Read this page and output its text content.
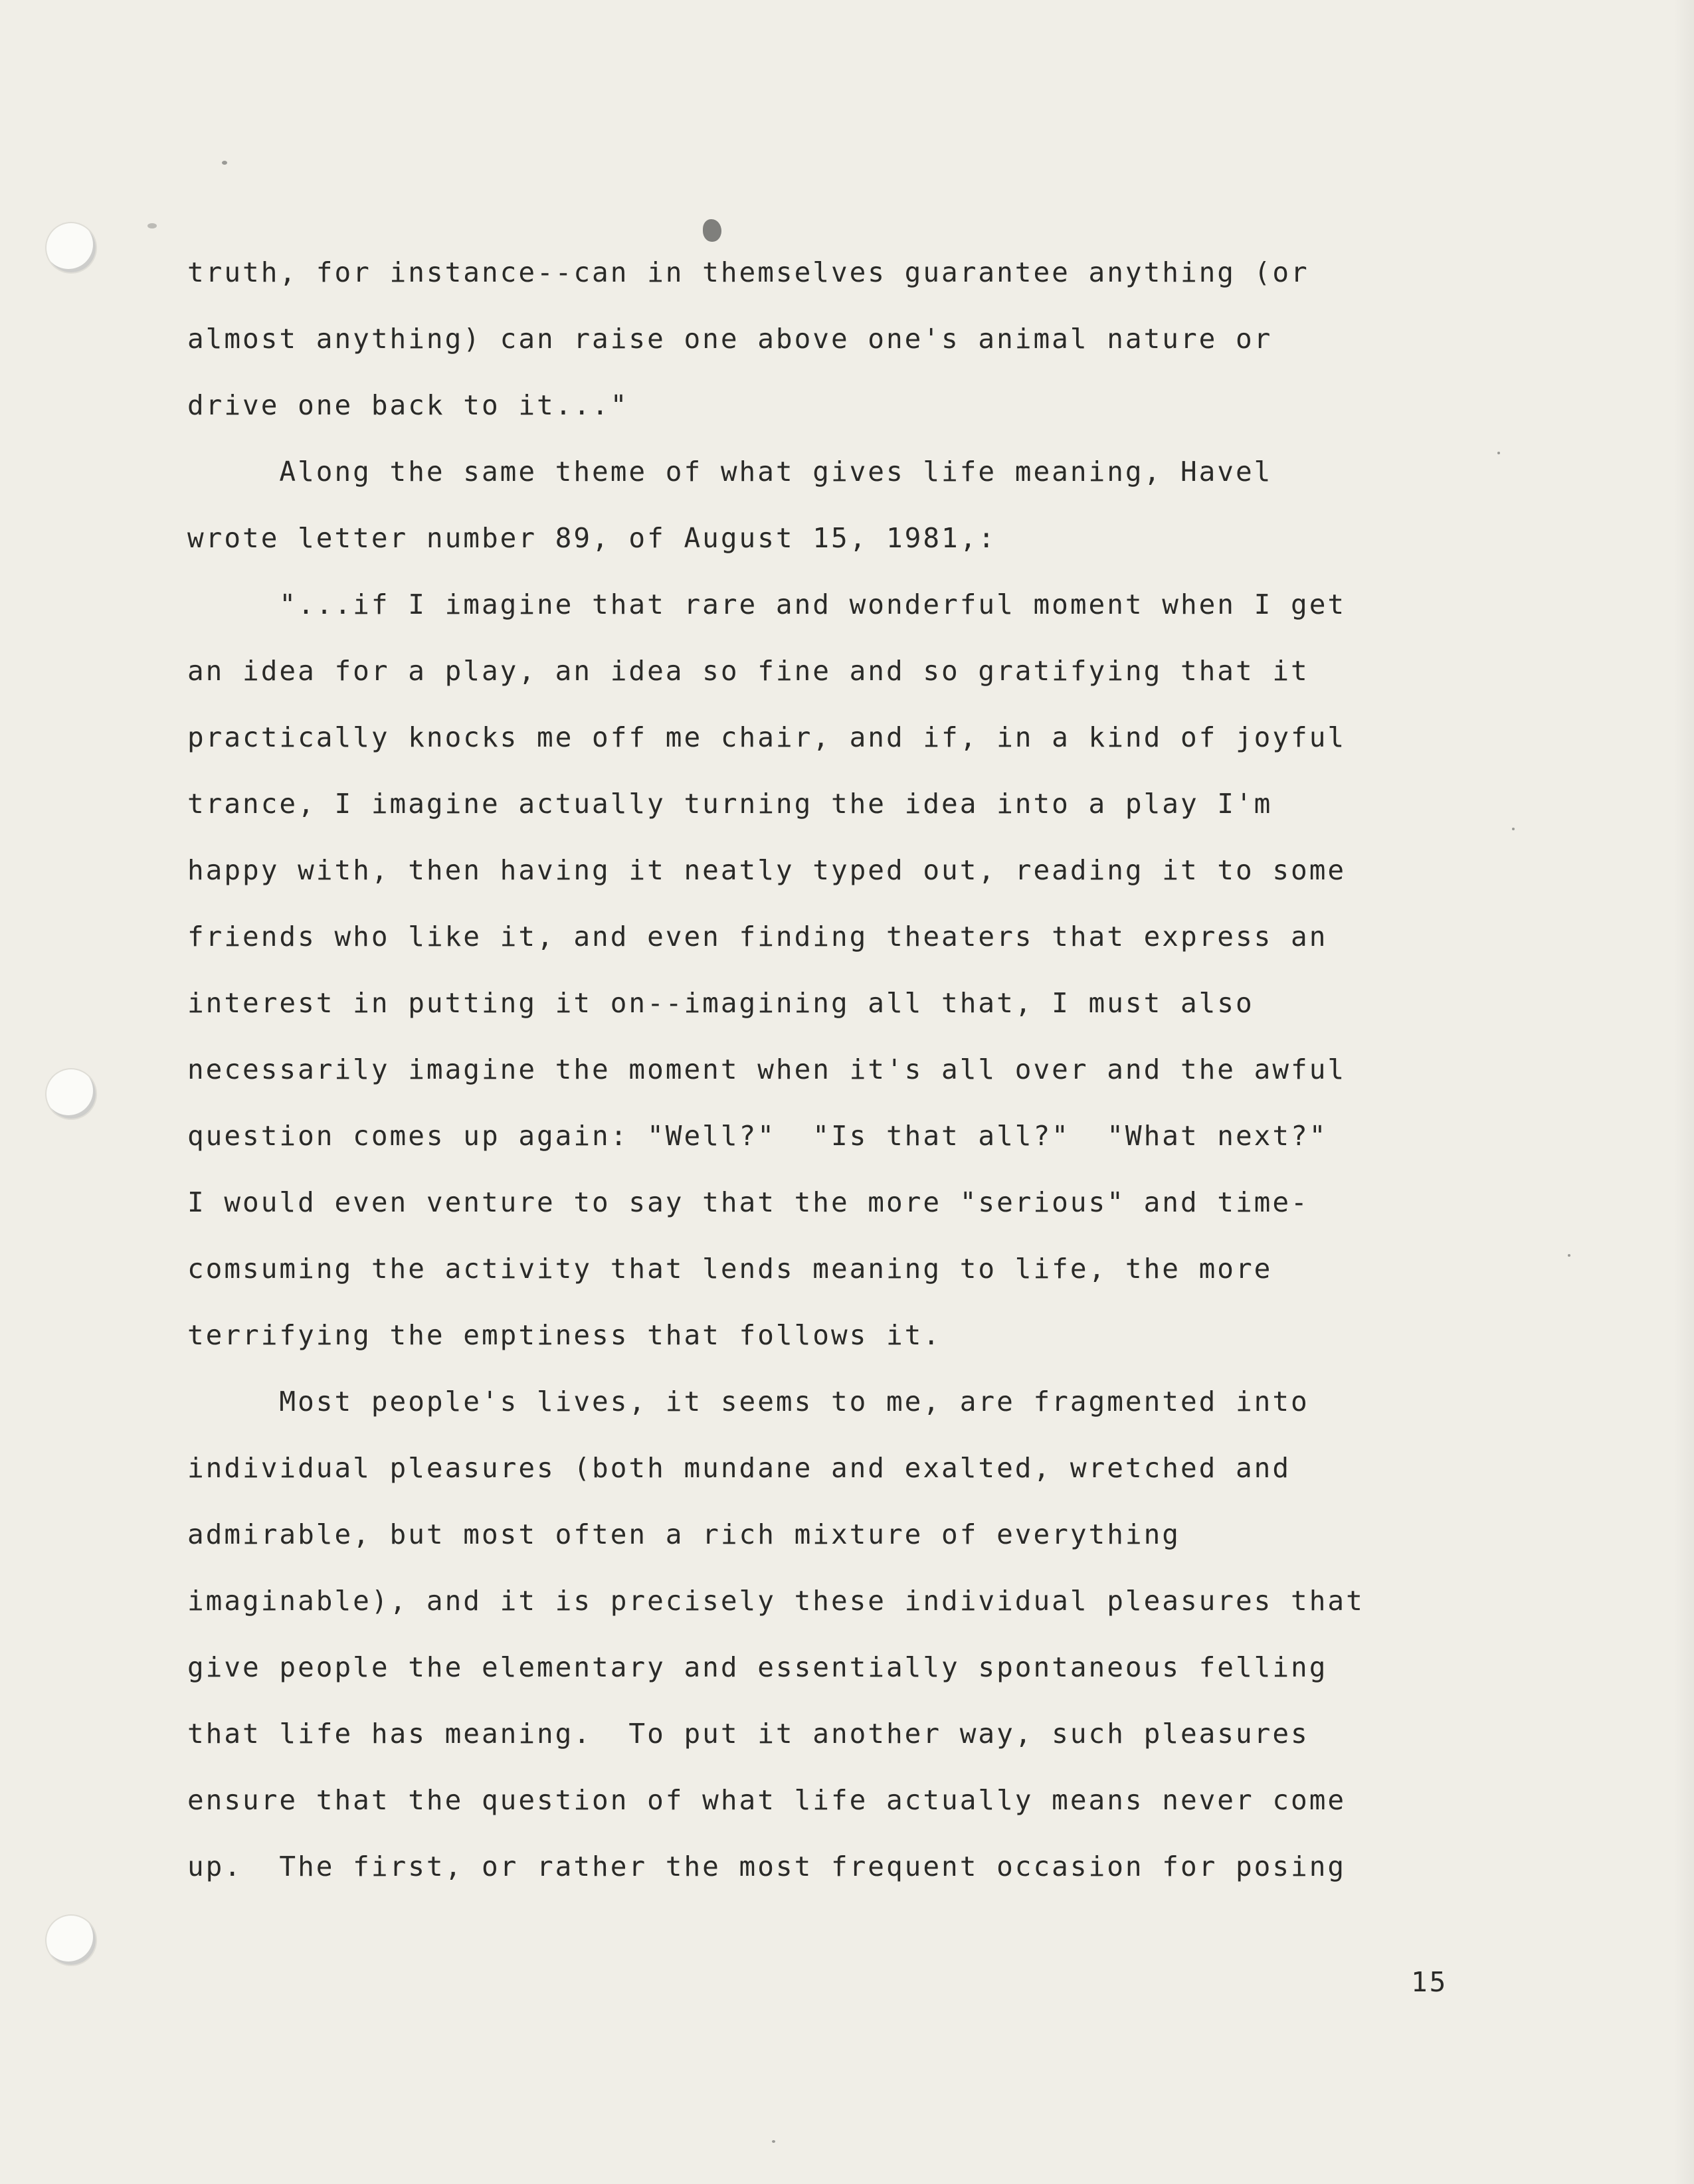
truth, for instance--can in themselves guarantee anything (or
almost anything) can raise one above one's animal nature or
drive one back to it..."
Along the same theme of what gives life meaning, Havel
wrote letter number 89, of August 15, 1981,:
"...if I imagine that rare and wonderful moment when I get
an idea for a play, an idea so fine and so gratifying that it
practically knocks me off me chair, and if, in a kind of joyful
trance, I imagine actually turning the idea into a play I'm
happy with, then having it neatly typed out, reading it to some
friends who like it, and even finding theaters that express an
interest in putting it on--imagining all that, I must also
necessarily imagine the moment when it's all over and the awful
question comes up again: "Well?"  "Is that all?"  "What next?"
I would even venture to say that the more "serious" and time-
comsuming the activity that lends meaning to life, the more
terrifying the emptiness that follows it.
Most people's lives, it seems to me, are fragmented into
individual pleasures (both mundane and exalted, wretched and
admirable, but most often a rich mixture of everything
imaginable), and it is precisely these individual pleasures that
give people the elementary and essentially spontaneous felling
that life has meaning.  To put it another way, such pleasures
ensure that the question of what life actually means never come
up.  The first, or rather the most frequent occasion for posing
15
